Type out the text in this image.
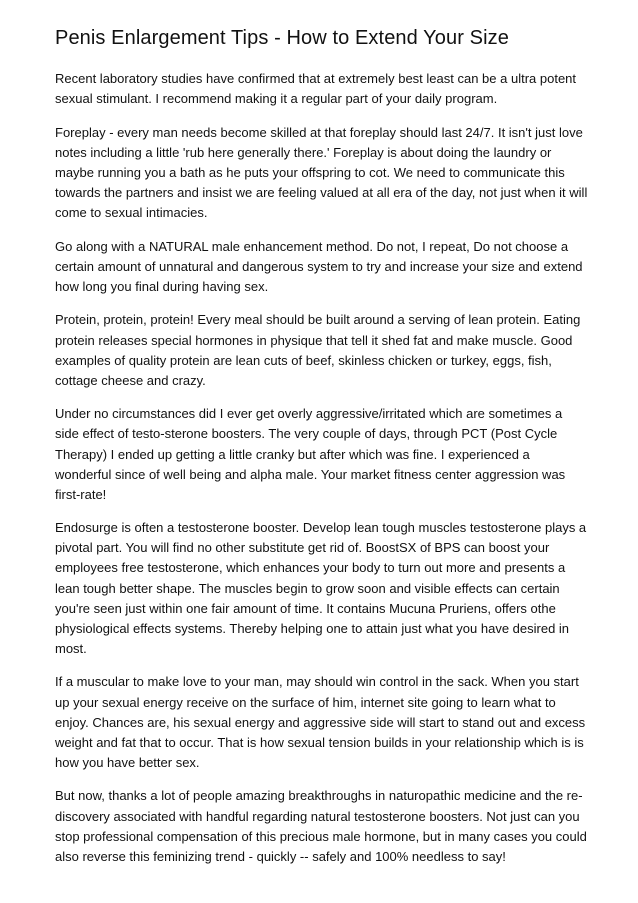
Penis Enlargement Tips - How to Extend Your Size

Recent laboratory studies have confirmed that at extremely best least can be a ultra potent sexual stimulant. I recommend making it a regular part of your daily program.

Foreplay - every man needs become skilled at that foreplay should last 24/7. It isn't just love notes including a little 'rub here generally there.' Foreplay is about doing the laundry or maybe running you a bath as he puts your offspring to cot. We need to communicate this towards the partners and insist we are feeling valued at all era of the day, not just when it will come to sexual intimacies.

Go along with a NATURAL male enhancement method. Do not, I repeat, Do not choose a certain amount of unnatural and dangerous system to try and increase your size and extend how long you final during having sex.

Protein, protein, protein! Every meal should be built around a serving of lean protein. Eating protein releases special hormones in physique that tell it shed fat and make muscle. Good examples of quality protein are lean cuts of beef, skinless chicken or turkey, eggs, fish, cottage cheese and crazy.

Under no circumstances did I ever get overly aggressive/irritated which are sometimes a side effect of testo-sterone boosters. The very couple of days, through PCT (Post Cycle Therapy) I ended up getting a little cranky but after which was fine. I experienced a wonderful since of well being and alpha male. Your market fitness center aggression was first-rate!

Endosurge is often a testosterone booster. Develop lean tough muscles testosterone plays a pivotal part. You will find no other substitute get rid of. BoostSX of BPS can boost your employees free testosterone, which enhances your body to turn out more and presents a lean tough better shape. The muscles begin to grow soon and visible effects can certain you're seen just within one fair amount of time. It contains Mucuna Pruriens, offers othe physiological effects systems. Thereby helping one to attain just what you have desired in most.

If a muscular to make love to your man, may should win control in the sack. When you start up your sexual energy receive on the surface of him, internet site going to learn what to enjoy. Chances are, his sexual energy and aggressive side will start to stand out and excess weight and fat that to occur. That is how sexual tension builds in your relationship which is is how you have better sex.

But now, thanks a lot of people amazing breakthroughs in naturopathic medicine and the re-discovery associated with handful regarding natural testosterone boosters. Not just can you stop professional compensation of this precious male hormone, but in many cases you could also reverse this feminizing trend - quickly -- safely and 100% needless to say!
